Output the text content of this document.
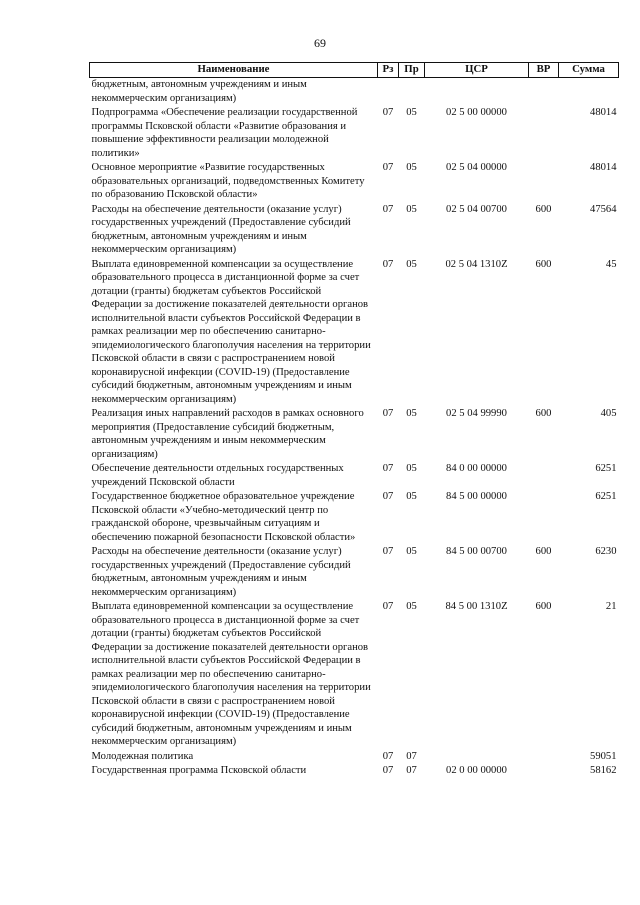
69
Наименование	Рз	Пр	ЦСР	ВР	Сумма
бюджетным, автономным учреждениям и иным некоммерческим организациям)					
Подпрограмма «Обеспечение реализации государственной программы Псковской области «Развитие образования и повышение эффективности реализации молодежной политики»	07	05	02 5 00 00000		48014
Основное мероприятие «Развитие государственных образовательных организаций, подведомственных Комитету по образованию Псковской области»	07	05	02 5 04 00000		48014
Расходы на обеспечение деятельности (оказание услуг) государственных учреждений (Предоставление субсидий бюджетным, автономным учреждениям и иным некоммерческим организациям)	07	05	02 5 04 00700	600	47564
Выплата единовременной компенсации за осуществление образовательного процесса в дистанционной форме за счет дотации (гранты) бюджетам субъектов Российской Федерации за достижение показателей деятельности органов исполнительной власти субъектов Российской Федерации в рамках реализации мер по обеспечению санитарно-эпидемиологического благополучия населения на территории Псковской области в связи с распространением новой коронавирусной инфекции (COVID-19) (Предоставление субсидий бюджетным, автономным учреждениям и иным некоммерческим организациям)	07	05	02 5 04 1310Z	600	45
Реализация иных направлений расходов в рамках основного мероприятия (Предоставление субсидий бюджетным, автономным учреждениям и иным некоммерческим организациям)	07	05	02 5 04 99990	600	405
Обеспечение деятельности отдельных государственных учреждений Псковской области	07	05	84 0 00 00000		6251
Государственное бюджетное образовательное учреждение Псковской области «Учебно-методический центр по гражданской обороне, чрезвычайным ситуациям и обеспечению пожарной безопасности Псковской области»	07	05	84 5 00 00000		6251
Расходы на обеспечение деятельности (оказание услуг) государственных учреждений (Предоставление субсидий бюджетным, автономным учреждениям и иным некоммерческим организациям)	07	05	84 5 00 00700	600	6230
Выплата единовременной компенсации за осуществление образовательного процесса в дистанционной форме за счет дотации (гранты) бюджетам субъектов Российской Федерации за достижение показателей деятельности органов исполнительной власти субъектов Российской Федерации в рамках реализации мер по обеспечению санитарно-эпидемиологического благополучия населения на территории Псковской области в связи с распространением новой коронавирусной инфекции (COVID-19) (Предоставление субсидий бюджетным, автономным учреждениям и иным некоммерческим организациям)	07	05	84 5 00 1310Z	600	21
Молодежная политика	07	07			59051
Государственная программа Псковской области	07	07	02 0 00 00000		58162
